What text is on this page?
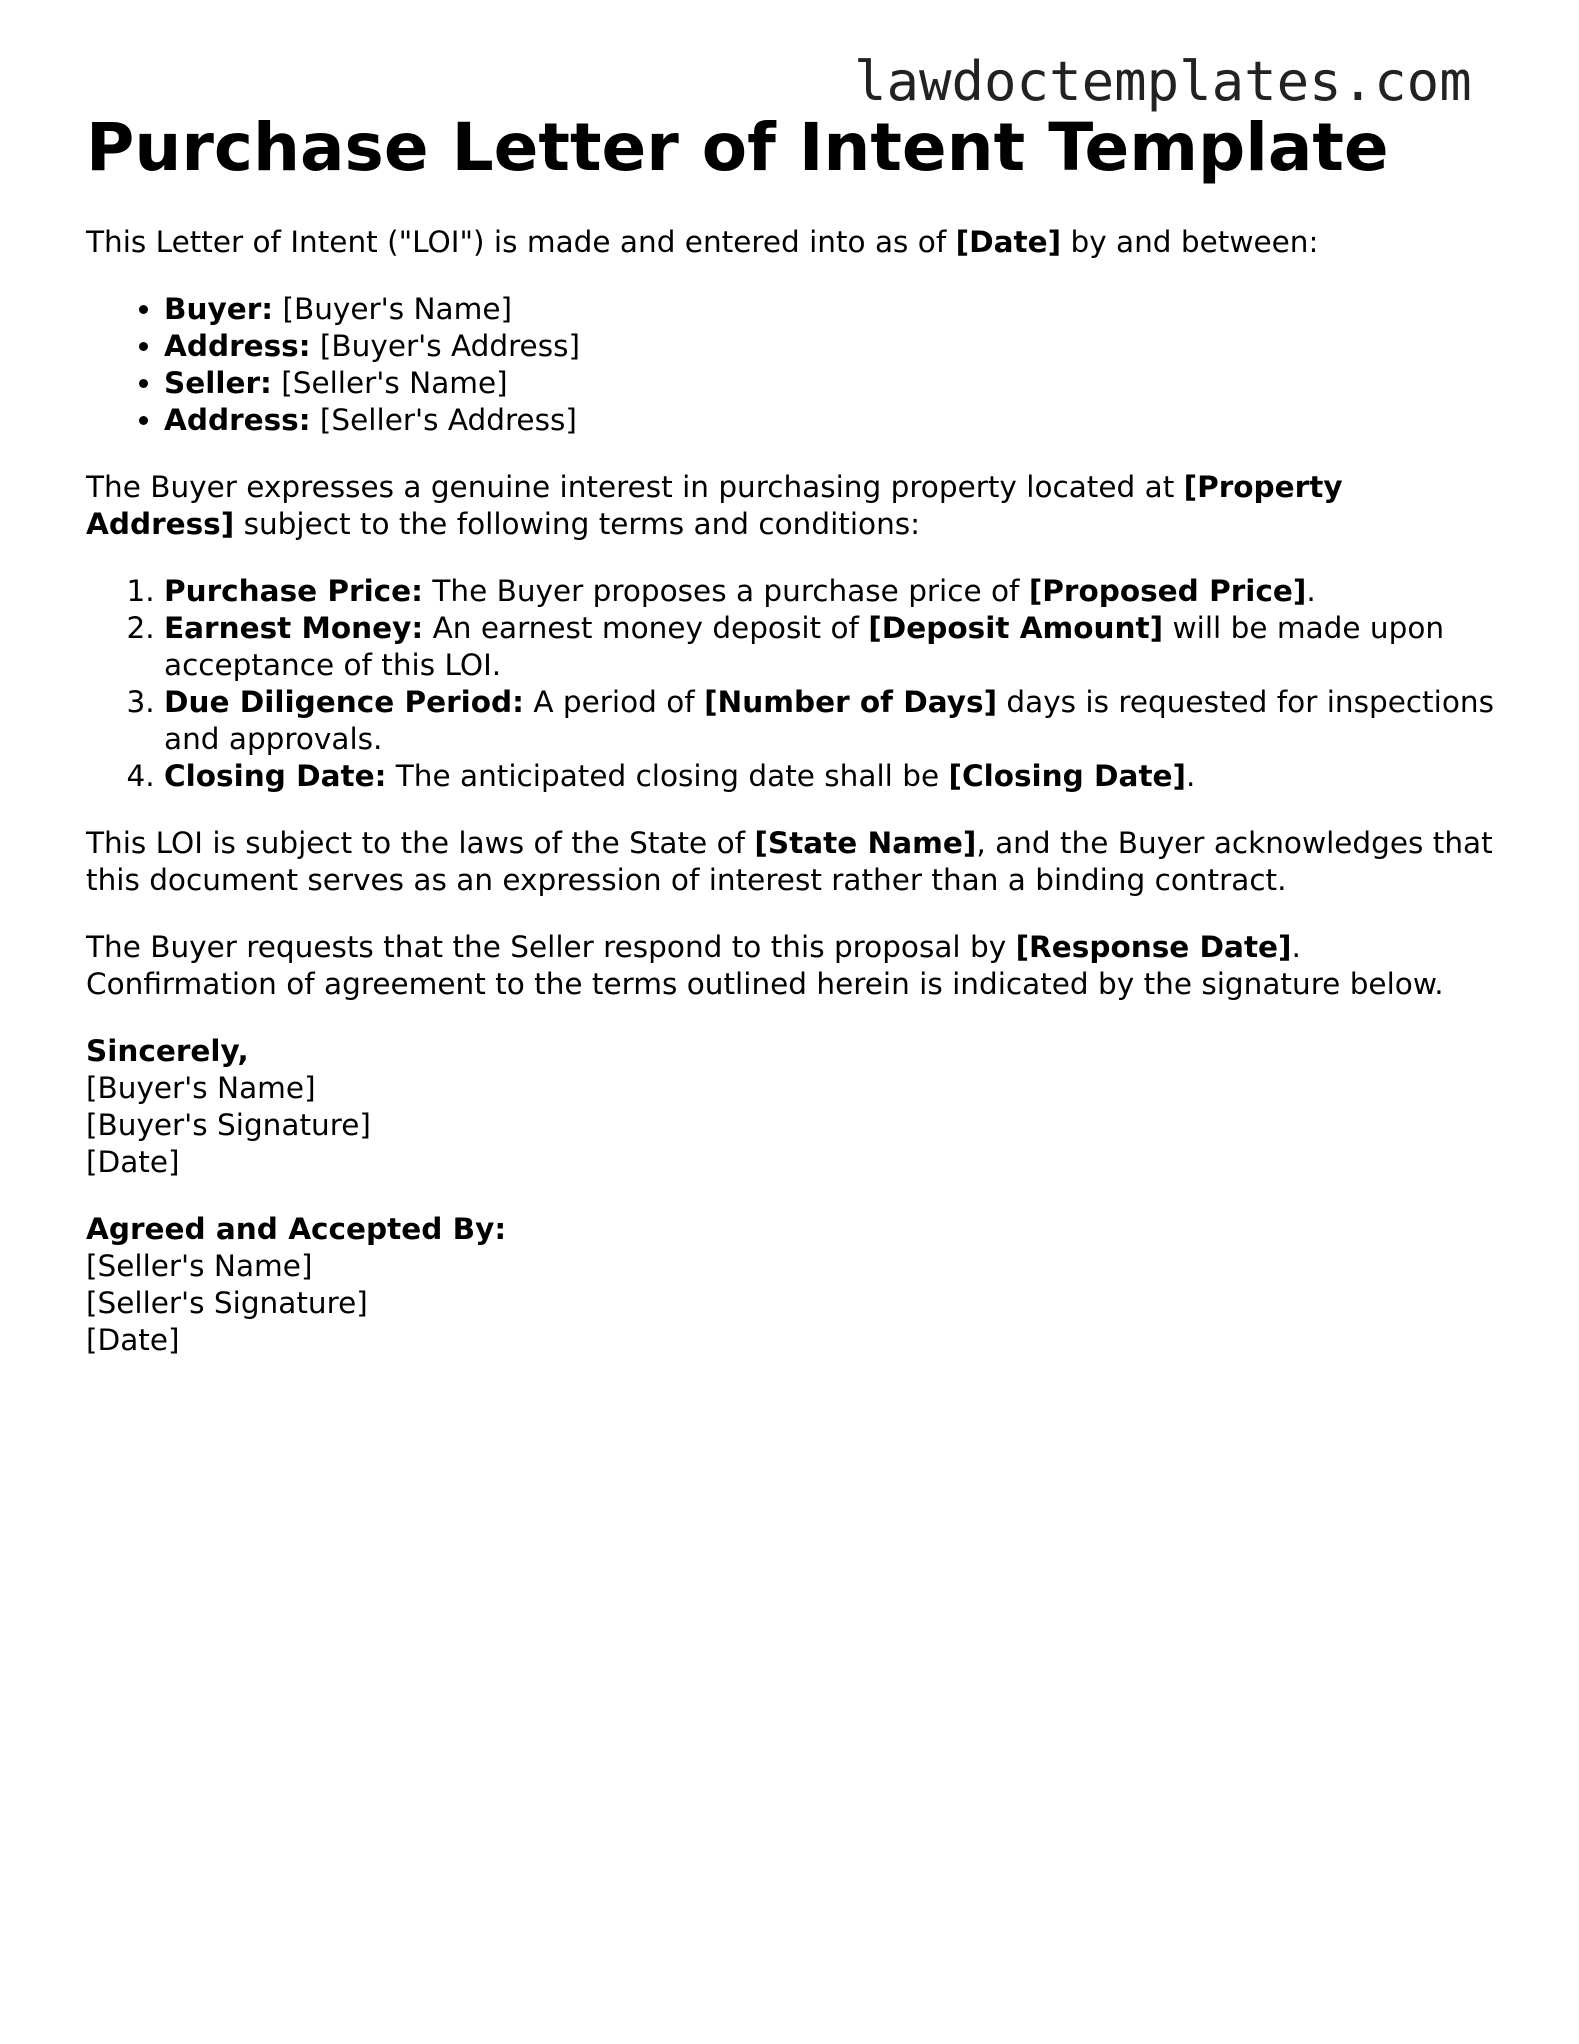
lawdoctemplates.com
Purchase Letter of Intent Template

This Letter of Intent ("LOI") is made and entered into as of [Date] by and between:

• Buyer: [Buyer's Name]
• Address: [Buyer's Address]
• Seller: [Seller's Name]
• Address: [Seller's Address]

The Buyer expresses a genuine interest in purchasing property located at [Property Address] subject to the following terms and conditions:

1. Purchase Price: The Buyer proposes a purchase price of [Proposed Price].
2. Earnest Money: An earnest money deposit of [Deposit Amount] will be made upon acceptance of this LOI.
3. Due Diligence Period: A period of [Number of Days] days is requested for inspections and approvals.
4. Closing Date: The anticipated closing date shall be [Closing Date].

This LOI is subject to the laws of the State of [State Name], and the Buyer acknowledges that this document serves as an expression of interest rather than a binding contract.

The Buyer requests that the Seller respond to this proposal by [Response Date]. Confirmation of agreement to the terms outlined herein is indicated by the signature below.

Sincerely,
[Buyer's Name]
[Buyer's Signature]
[Date]
Agreed and Accepted By:
[Seller's Name]
[Seller's Signature]
[Date]
